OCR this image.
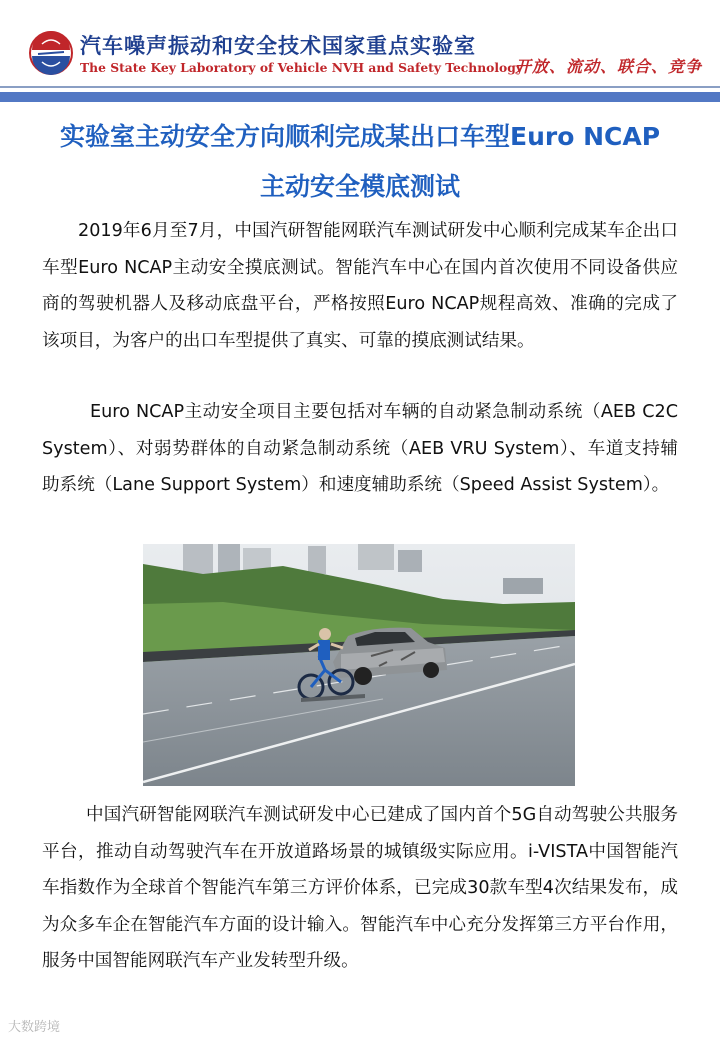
汽车噪声振动和安全技术国家重点实验室
The State Key Laboratory of Vehicle NVH and Safety Technology
开放、流动、联合、竞争
实验室主动安全方向顺利完成某出口车型Euro NCAP
主动安全模底测试

2019年6月至7月，中国汽研智能网联汽车测试研发中心顺利完成某车企出口车型Euro NCAP主动安全摸底测试。智能汽车中心在国内首次使用不同设备供应商的驾驶机器人及移动底盘平台，严格按照Euro NCAP规程高效、准确的完成了该项目，为客户的出口车型提供了真实、可靠的摸底测试结果。

Euro NCAP主动安全项目主要包括对车辆的自动紧急制动系统（AEB C2C System）、对弱势群体的自动紧急制动系统（AEB VRU System）、车道支持辅助系统（Lane Support System）和速度辅助系统（Speed Assist System）。

中国汽研智能网联汽车测试研发中心已建成了国内首个5G自动驾驶公共服务平台，推动自动驾驶汽车在开放道路场景的城镇级实际应用。i-VISTA中国智能汽车指数作为全球首个智能汽车第三方评价体系，已完成30款车型4次结果发布，成为众多车企在智能汽车方面的设计输入。智能汽车中心充分发挥第三方平台作用，服务中国智能网联汽车产业发转型升级。

大数跨境
